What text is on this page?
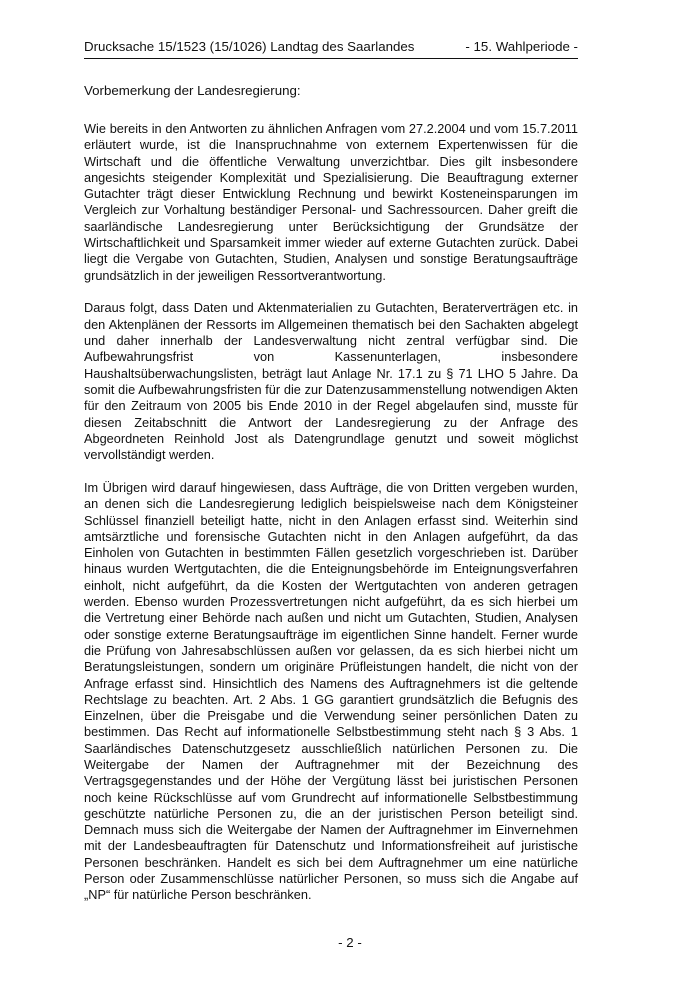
Drucksache 15/1523 (15/1026) Landtag des Saarlandes	- 15. Wahlperiode -
Vorbemerkung der Landesregierung:

Wie bereits in den Antworten zu ähnlichen Anfragen vom 27.2.2004 und vom 15.7.2011 erläutert wurde, ist die Inanspruchnahme von externem Expertenwissen für die Wirtschaft und die öffentliche Verwaltung unverzichtbar. Dies gilt insbesondere angesichts steigender Komplexität und Spezialisierung. Die Beauftragung externer Gutachter trägt dieser Entwicklung Rechnung und bewirkt Kosteneinsparungen im Vergleich zur Vorhaltung beständiger Personal- und Sachressourcen. Daher greift die saarländische Landesregierung unter Berücksichtigung der Grundsätze der Wirtschaftlichkeit und Sparsamkeit immer wieder auf externe Gutachten zurück. Dabei liegt die Vergabe von Gutachten, Studien, Analysen und sonstige Beratungsaufträge grundsätzlich in der jeweiligen Ressortverantwortung.

Daraus folgt, dass Daten und Aktenmaterialien zu Gutachten, Beraterverträgen etc. in den Aktenplänen der Ressorts im Allgemeinen thematisch bei den Sachakten abgelegt und daher innerhalb der Landesverwaltung nicht zentral verfügbar sind. Die Aufbewahrungsfrist von Kassenunterlagen, insbesondere Haushaltsüberwachungslisten, beträgt laut Anlage Nr. 17.1 zu § 71 LHO 5 Jahre. Da somit die Aufbewahrungsfristen für die zur Datenzusammenstellung notwendigen Akten für den Zeitraum von 2005 bis Ende 2010 in der Regel abgelaufen sind, musste für diesen Zeitabschnitt die Antwort der Landesregierung zu der Anfrage des Abgeordneten Reinhold Jost als Datengrundlage genutzt und soweit möglichst vervollständigt werden.

Im Übrigen wird darauf hingewiesen, dass Aufträge, die von Dritten vergeben wurden, an denen sich die Landesregierung lediglich beispielsweise nach dem Königsteiner Schlüssel finanziell beteiligt hatte, nicht in den Anlagen erfasst sind. Weiterhin sind amtsärztliche und forensische Gutachten nicht in den Anlagen aufgeführt, da das Einholen von Gutachten in bestimmten Fällen gesetzlich vorgeschrieben ist. Darüber hinaus wurden Wertgutachten, die die Enteignungsbehörde im Enteignungsverfahren einholt, nicht aufgeführt, da die Kosten der Wertgutachten von anderen getragen werden. Ebenso wurden Prozessvertretungen nicht aufgeführt, da es sich hierbei um die Vertretung einer Behörde nach außen und nicht um Gutachten, Studien, Analysen oder sonstige externe Beratungsaufträge im eigentlichen Sinne handelt. Ferner wurde die Prüfung von Jahresabschlüssen außen vor gelassen, da es sich hierbei nicht um Beratungsleistungen, sondern um originäre Prüfleistungen handelt, die nicht von der Anfrage erfasst sind. Hinsichtlich des Namens des Auftragnehmers ist die geltende Rechtslage zu beachten. Art. 2 Abs. 1 GG garantiert grundsätzlich die Befugnis des Einzelnen, über die Preisgabe und die Verwendung seiner persönlichen Daten zu bestimmen. Das Recht auf informationelle Selbstbestimmung steht nach § 3 Abs. 1 Saarländisches Datenschutzgesetz ausschließlich natürlichen Personen zu. Die Weitergabe der Namen der Auftragnehmer mit der Bezeichnung des Vertragsgegenstandes und der Höhe der Vergütung lässt bei juristischen Personen noch keine Rückschlüsse auf vom Grundrecht auf informationelle Selbstbestimmung geschützte natürliche Personen zu, die an der juristischen Person beteiligt sind. Demnach muss sich die Weitergabe der Namen der Auftragnehmer im Einvernehmen mit der Landesbeauftragten für Datenschutz und Informationsfreiheit auf juristische Personen beschränken. Handelt es sich bei dem Auftragnehmer um eine natürliche Person oder Zusammenschlüsse natürlicher Personen, so muss sich die Angabe auf „NP“ für natürliche Person beschränken.

- 2 -
